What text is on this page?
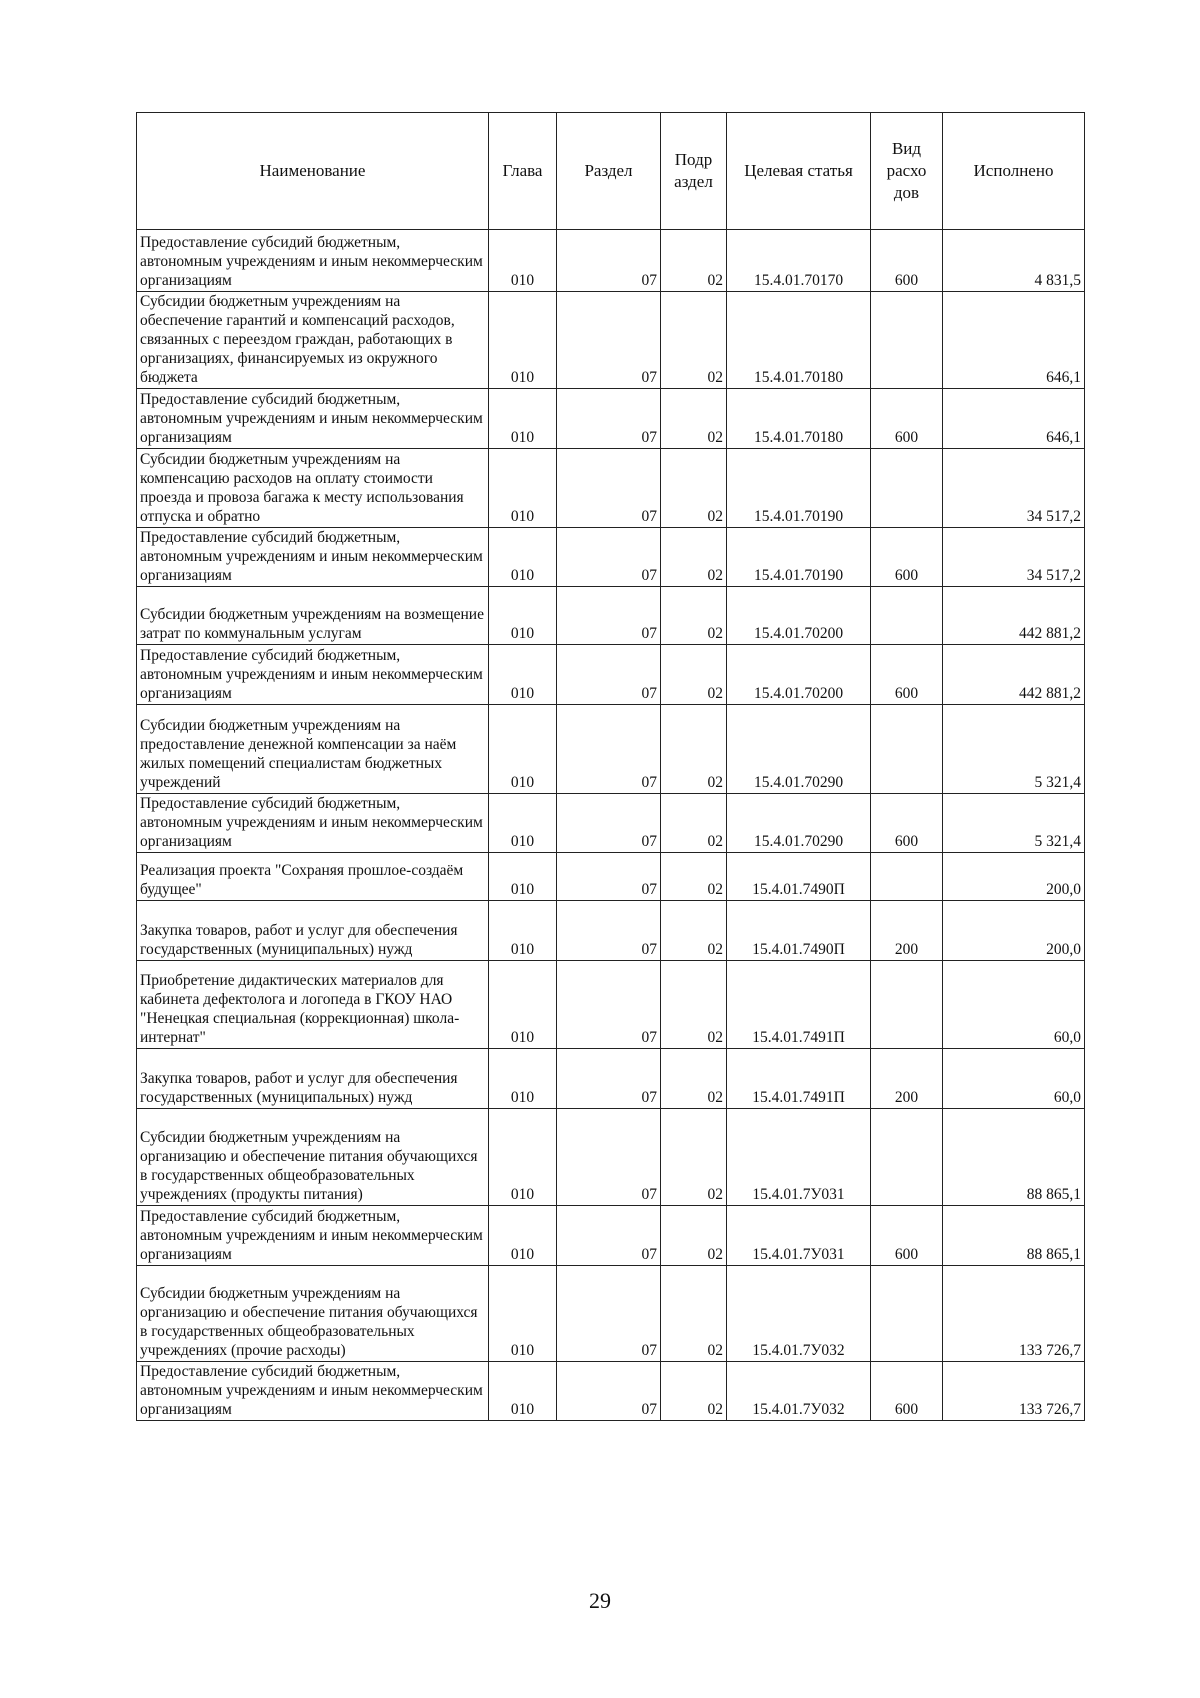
Наименование	Глава	Раздел	Подр аздел	Целевая статья	Вид расхо дов	Исполнено
Предоставление субсидий бюджетным, автономным учреждениям и иным некоммерческим организациям	010	07	02	15.4.01.70170	600	4 831,5
Субсидии бюджетным учреждениям на обеспечение гарантий и компенсаций расходов, связанных с переездом граждан, работающих в организациях, финансируемых из окружного бюджета	010	07	02	15.4.01.70180		646,1
Предоставление субсидий бюджетным, автономным учреждениям и иным некоммерческим организациям	010	07	02	15.4.01.70180	600	646,1
Субсидии бюджетным учреждениям на компенсацию расходов на оплату стоимости проезда и провоза багажа к месту использования отпуска и обратно	010	07	02	15.4.01.70190		34 517,2
Предоставление субсидий бюджетным, автономным учреждениям и иным некоммерческим организациям	010	07	02	15.4.01.70190	600	34 517,2
Субсидии бюджетным учреждениям на возмещение затрат по коммунальным услугам	010	07	02	15.4.01.70200		442 881,2
Предоставление субсидий бюджетным, автономным учреждениям и иным некоммерческим организациям	010	07	02	15.4.01.70200	600	442 881,2
Субсидии бюджетным учреждениям на предоставление денежной компенсации за наём жилых помещений специалистам бюджетных учреждений	010	07	02	15.4.01.70290		5 321,4
Предоставление субсидий бюджетным, автономным учреждениям и иным некоммерческим организациям	010	07	02	15.4.01.70290	600	5 321,4
Реализация проекта "Сохраняя прошлое-создаём будущее"	010	07	02	15.4.01.7490П		200,0
Закупка товаров, работ и услуг для обеспечения государственных (муниципальных) нужд	010	07	02	15.4.01.7490П	200	200,0
Приобретение дидактических материалов для кабинета дефектолога и логопеда в ГКОУ НАО "Ненецкая специальная (коррекционная) школа-интернат"	010	07	02	15.4.01.7491П		60,0
Закупка товаров, работ и услуг для обеспечения государственных (муниципальных) нужд	010	07	02	15.4.01.7491П	200	60,0
Субсидии бюджетным учреждениям на организацию и обеспечение питания обучающихся в государственных общеобразовательных учреждениях (продукты питания)	010	07	02	15.4.01.7У031		88 865,1
Предоставление субсидий бюджетным, автономным учреждениям и иным некоммерческим организациям	010	07	02	15.4.01.7У031	600	88 865,1
Субсидии бюджетным учреждениям на организацию и обеспечение питания обучающихся в государственных общеобразовательных учреждениях (прочие расходы)	010	07	02	15.4.01.7У032		133 726,7
Предоставление субсидий бюджетным, автономным учреждениям и иным некоммерческим организациям	010	07	02	15.4.01.7У032	600	133 726,7
29
